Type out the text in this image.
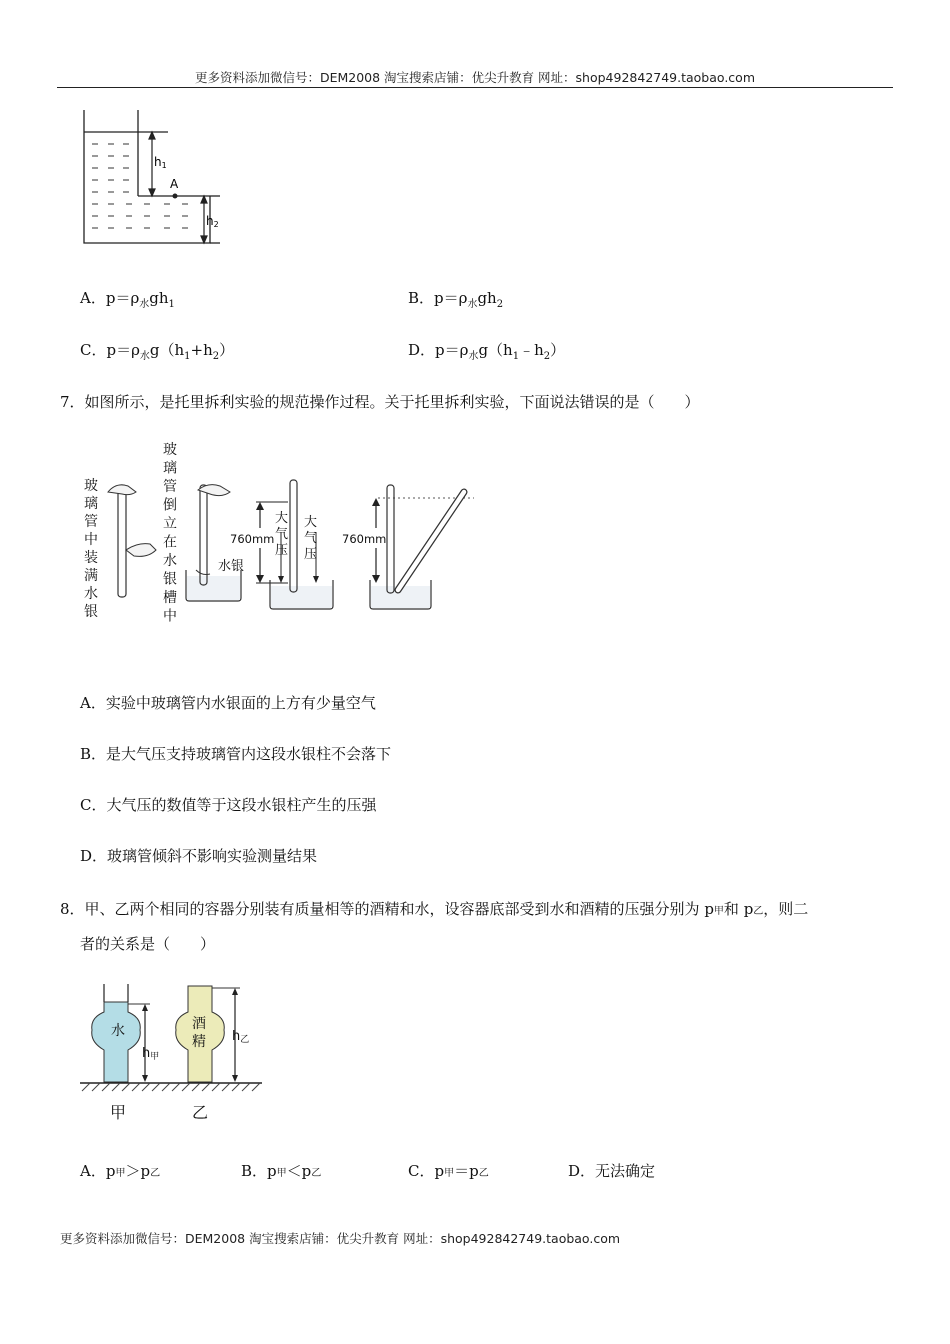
更多资料添加微信号：DEM2008 淘宝搜索店铺：优尖升教育 网址：shop492842749.taobao.com
h1
A
h2
A．$p=\rho_水gh_1$	B．$p=\rho_水gh_2$
C．$p=\rho_水g(h_1+h_2)$	D．$p=\rho_水g(h_1﹣h_2)$
7．如图所示，是托里拆利实验的规范操作过程。关于托里拆利实验，下面说法错误的是（　　）
玻璃管中装满水银
玻璃管倒立在水银槽中
水银
760mm
大气压
大气压
760mm
A．实验中玻璃管内水银面的上方有少量空气
B．是大气压支持玻璃管内这段水银柱不会落下
C．大气压的数值等于这段水银柱产生的压强
D．玻璃管倾斜不影响实验测量结果
8．甲、乙两个相同的容器分别装有质量相等的酒精和水，设容器底部受到水和酒精的压强分别为 p甲和 p乙，则二
者的关系是（　　）
水
h甲
酒
精 h乙
甲	乙
A．p甲＞p乙	B．p甲＜p乙	C．p甲＝p乙	D．无法确定
更多资料添加微信号：DEM2008 淘宝搜索店铺：优尖升教育 网址：shop492842749.taobao.com
